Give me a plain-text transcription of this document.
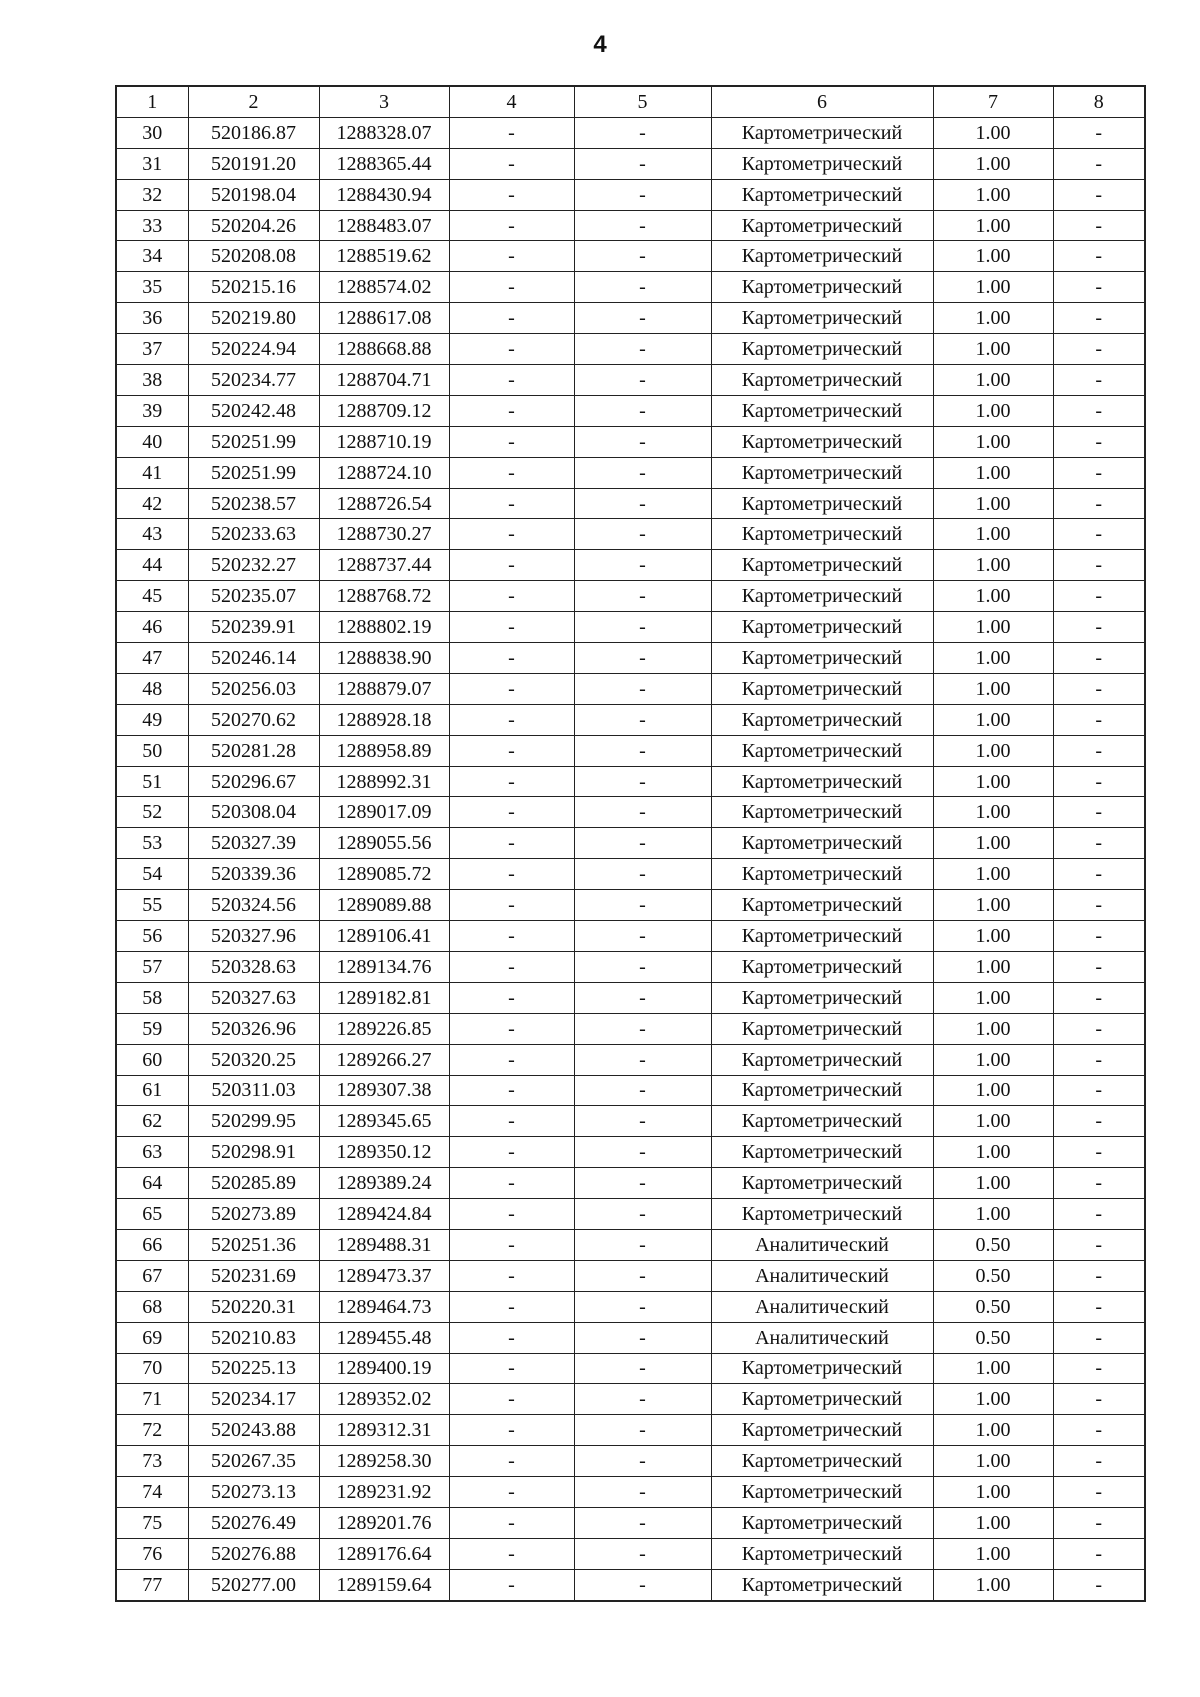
4
1	2	3	4	5	6	7	8
30	520186.87	1288328.07	-	-	Картометрический	1.00	-
31	520191.20	1288365.44	-	-	Картометрический	1.00	-
32	520198.04	1288430.94	-	-	Картометрический	1.00	-
33	520204.26	1288483.07	-	-	Картометрический	1.00	-
34	520208.08	1288519.62	-	-	Картометрический	1.00	-
35	520215.16	1288574.02	-	-	Картометрический	1.00	-
36	520219.80	1288617.08	-	-	Картометрический	1.00	-
37	520224.94	1288668.88	-	-	Картометрический	1.00	-
38	520234.77	1288704.71	-	-	Картометрический	1.00	-
39	520242.48	1288709.12	-	-	Картометрический	1.00	-
40	520251.99	1288710.19	-	-	Картометрический	1.00	-
41	520251.99	1288724.10	-	-	Картометрический	1.00	-
42	520238.57	1288726.54	-	-	Картометрический	1.00	-
43	520233.63	1288730.27	-	-	Картометрический	1.00	-
44	520232.27	1288737.44	-	-	Картометрический	1.00	-
45	520235.07	1288768.72	-	-	Картометрический	1.00	-
46	520239.91	1288802.19	-	-	Картометрический	1.00	-
47	520246.14	1288838.90	-	-	Картометрический	1.00	-
48	520256.03	1288879.07	-	-	Картометрический	1.00	-
49	520270.62	1288928.18	-	-	Картометрический	1.00	-
50	520281.28	1288958.89	-	-	Картометрический	1.00	-
51	520296.67	1288992.31	-	-	Картометрический	1.00	-
52	520308.04	1289017.09	-	-	Картометрический	1.00	-
53	520327.39	1289055.56	-	-	Картометрический	1.00	-
54	520339.36	1289085.72	-	-	Картометрический	1.00	-
55	520324.56	1289089.88	-	-	Картометрический	1.00	-
56	520327.96	1289106.41	-	-	Картометрический	1.00	-
57	520328.63	1289134.76	-	-	Картометрический	1.00	-
58	520327.63	1289182.81	-	-	Картометрический	1.00	-
59	520326.96	1289226.85	-	-	Картометрический	1.00	-
60	520320.25	1289266.27	-	-	Картометрический	1.00	-
61	520311.03	1289307.38	-	-	Картометрический	1.00	-
62	520299.95	1289345.65	-	-	Картометрический	1.00	-
63	520298.91	1289350.12	-	-	Картометрический	1.00	-
64	520285.89	1289389.24	-	-	Картометрический	1.00	-
65	520273.89	1289424.84	-	-	Картометрический	1.00	-
66	520251.36	1289488.31	-	-	Аналитический	0.50	-
67	520231.69	1289473.37	-	-	Аналитический	0.50	-
68	520220.31	1289464.73	-	-	Аналитический	0.50	-
69	520210.83	1289455.48	-	-	Аналитический	0.50	-
70	520225.13	1289400.19	-	-	Картометрический	1.00	-
71	520234.17	1289352.02	-	-	Картометрический	1.00	-
72	520243.88	1289312.31	-	-	Картометрический	1.00	-
73	520267.35	1289258.30	-	-	Картометрический	1.00	-
74	520273.13	1289231.92	-	-	Картометрический	1.00	-
75	520276.49	1289201.76	-	-	Картометрический	1.00	-
76	520276.88	1289176.64	-	-	Картометрический	1.00	-
77	520277.00	1289159.64	-	-	Картометрический	1.00	-
